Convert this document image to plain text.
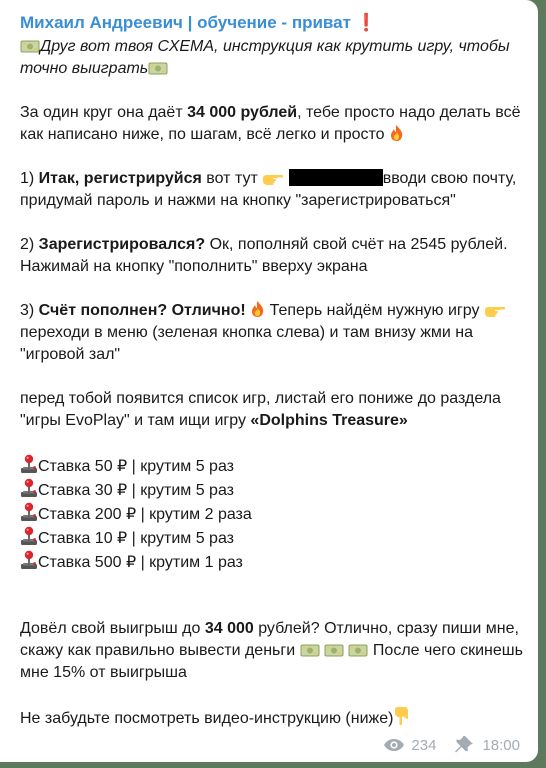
Михаил Андреевич | обучение - приват ❗

Друг вот твоя СХЕМА, инструкция как крутить игру, чтобы точно выиграть

За один круг она даёт 34 000 рублей, тебе просто надо делать всё как написано ниже, по шагам, всё легко и просто

1) Итак, регистрируйся вот тут	вводи свою почту, придумай пароль и нажми на кнопку "зарегистрироваться"

2) Зарегистрировался? Ок, пополняй свой счёт на 2545 рублей. Нажимай на кнопку "пополнить" вверху экрана

3) Счёт пополнен? Отлично!  Теперь найдём нужную игру  переходи в меню (зеленая кнопка слева) и там внизу жми на "игровой зал"

перед тобой появится список игр, листай его пониже до раздела "игры EvoPlay" и там ищи игру «Dolphins Treasure»

Ставка 50 ₽ | крутим 5 раз
Ставка 30 ₽ | крутим 5 раз
Ставка 200 ₽ | крутим 2 раза
Ставка 10 ₽ | крутим 5 раз
Ставка 500 ₽ | крутим 1 раз

Довёл свой выигрыш до 34 000 рублей? Отлично, сразу пиши мне, скажу как правильно вывести деньги	После чего скинешь мне 15% от выигрыша

Не забудьте посмотреть видео-инструкцию (ниже)

234	18:00
